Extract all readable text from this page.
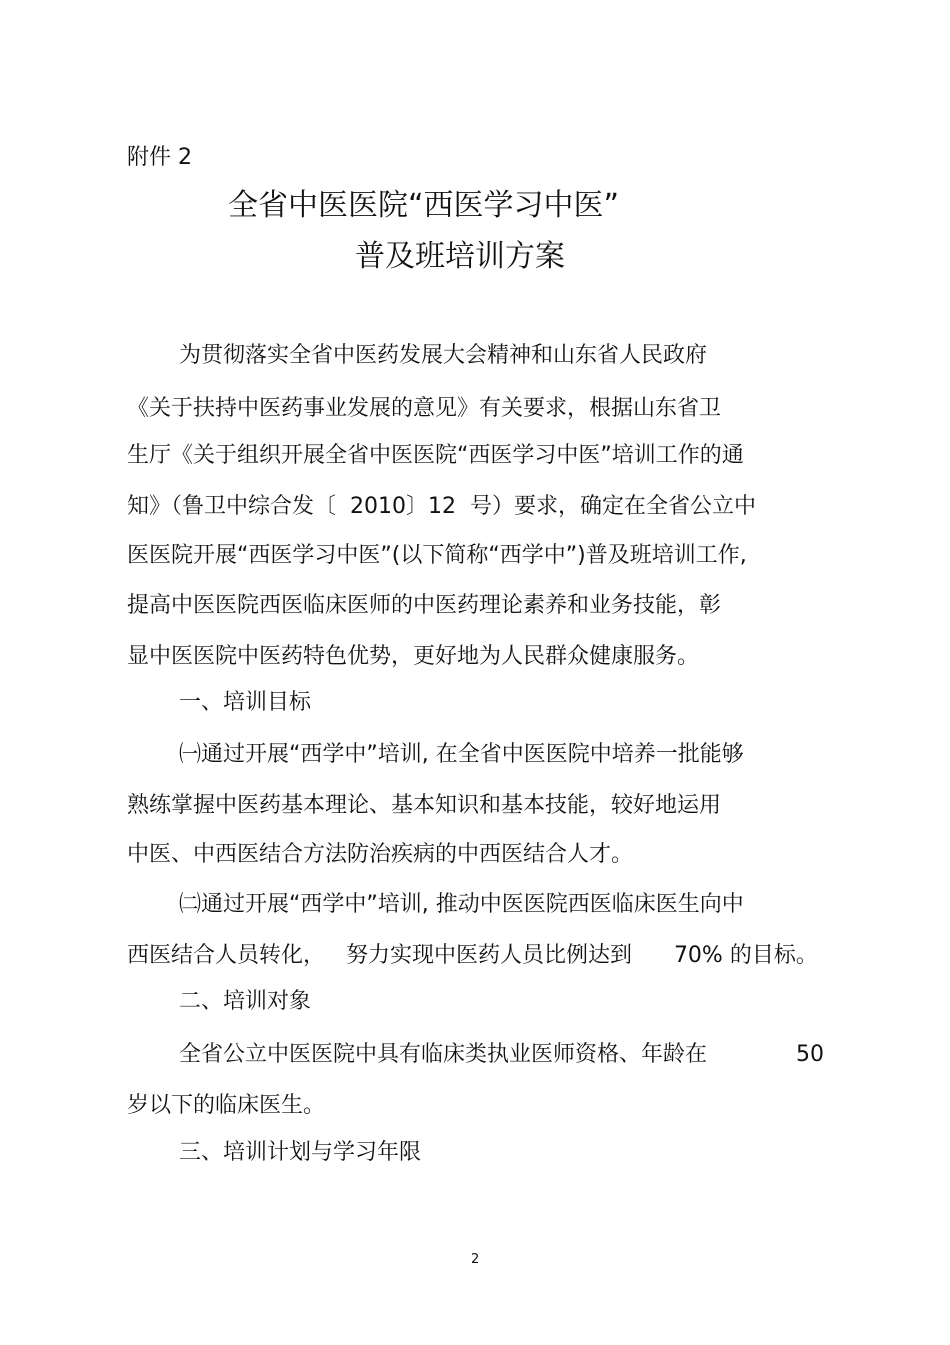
附件 2
全省中医医院“西医学习中医”
普及班培训方案
为贯彻落实全省中医药发展大会精神和山东省人民政府
《关于扶持中医药事业发展的意见》有关要求，根据山东省卫
生厅《关于组织开展全省中医医院“西医学习中医”培训工作的通
知》（鲁卫中综合发〔  2010〕12  号）要求，确定在全省公立中
医医院开展“西医学习中医”(以下简称“西学中”)普及班培训工作,
提高中医医院西医临床医师的中医药理论素养和业务技能，彰
显中医医院中医药特色优势，更好地为人民群众健康服务。
一、培训目标
㈠通过开展“西学中”培训, 在全省中医医院中培养一批能够
熟练掌握中医药基本理论、基本知识和基本技能，较好地运用
中医、中西医结合方法防治疾病的中西医结合人才。
㈡通过开展“西学中”培训, 推动中医医院西医临床医生向中
西医结合人员转化，   努力实现中医药人员比例达到      70% 的目标。
二、培训对象
全省公立中医医院中具有临床类执业医师资格、年龄在	50
岁以下的临床医生。
三、培训计划与学习年限
2
